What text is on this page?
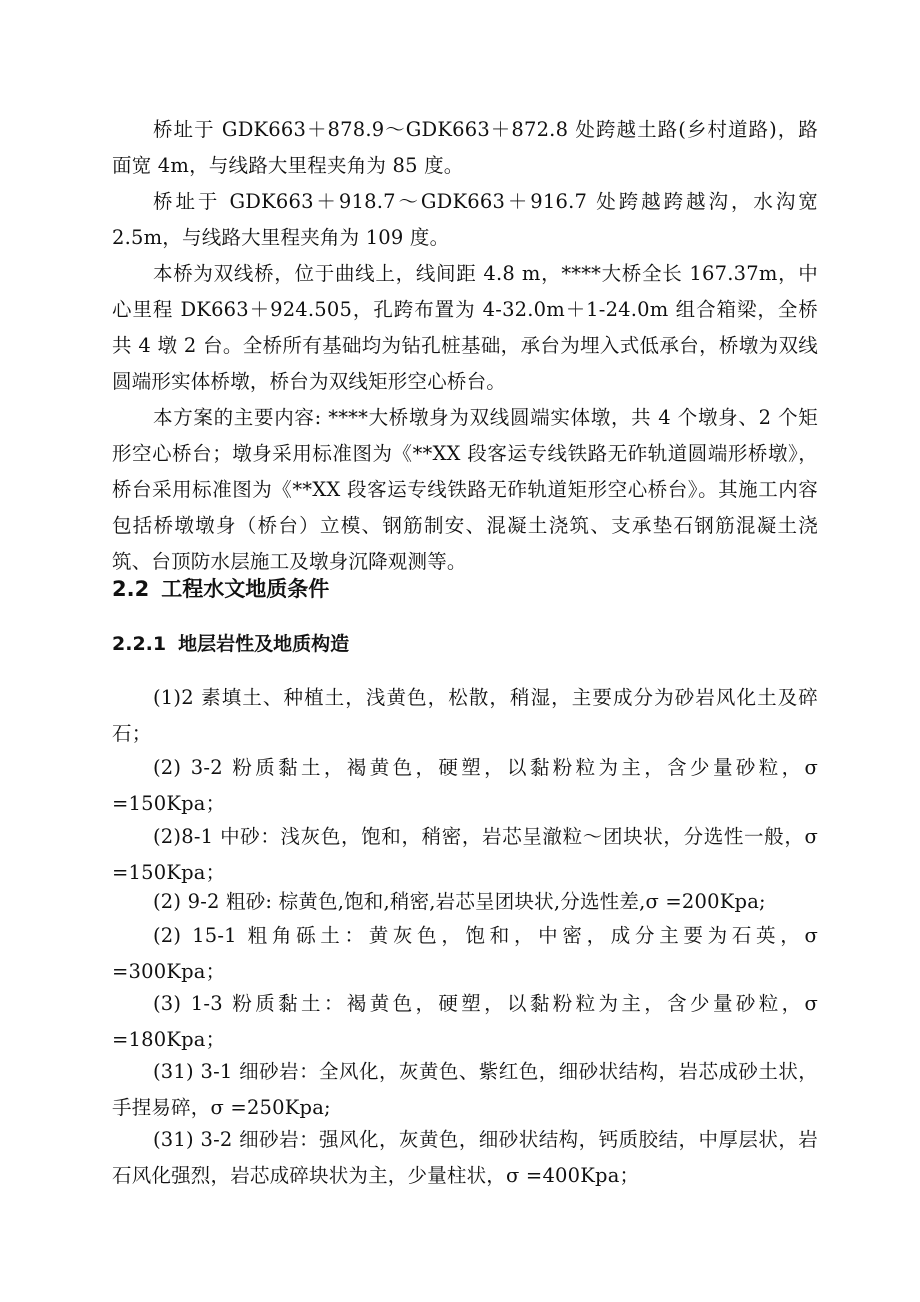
桥址于 GDK663＋878.9～GDK663＋872.8 处跨越土路(乡村道路)，路面宽 4m，与线路大里程夹角为 85 度。

桥址于 GDK663＋918.7～GDK663＋916.7 处跨越跨越沟，水沟宽 2.5m，与线路大里程夹角为 109 度。

本桥为双线桥，位于曲线上，线间距 4.8 m，****大桥全长 167.37m，中心里程 DK663＋924.505，孔跨布置为 4-32.0m＋1-24.0m 组合箱梁，全桥共 4 墩 2 台。全桥所有基础均为钻孔桩基础，承台为埋入式低承台，桥墩为双线圆端形实体桥墩，桥台为双线矩形空心桥台。

本方案的主要内容: ****大桥墩身为双线圆端实体墩，共 4 个墩身、2 个矩形空心桥台；墩身采用标准图为《**XX 段客运专线铁路无砟轨道圆端形桥墩》，桥台采用标准图为《**XX 段客运专线铁路无砟轨道矩形空心桥台》。其施工内容包括桥墩墩身（桥台）立模、钢筋制安、混凝土浇筑、支承垫石钢筋混凝土浇筑、台顶防水层施工及墩身沉降观测等。

2.2 工程水文地质条件
2.2.1 地层岩性及地质构造

(1)2 素填土、种植土，浅黄色，松散，稍湿，主要成分为砂岩风化土及碎石；

(2) 3-2 粉质黏土，褐黄色，硬塑，以黏粉粒为主，含少量砂粒，σ =150Kpa；

(2)8-1 中砂：浅灰色，饱和，稍密，岩芯呈澈粒～团块状，分选性一般，σ =150Kpa；

(2) 9-2 粗砂: 棕黄色,饱和,稍密,岩芯呈团块状,分选性差,σ =200Kpa;

(2) 15-1 粗角砾土：黄灰色，饱和，中密，成分主要为石英，σ =300Kpa；

(3) 1-3 粉质黏土：褐黄色，硬塑，以黏粉粒为主，含少量砂粒，σ =180Kpa；

(31) 3-1 细砂岩：全风化，灰黄色、紫红色，细砂状结构，岩芯成砂土状，手捏易碎，σ =250Kpa;

(31) 3-2 细砂岩：强风化，灰黄色，细砂状结构，钙质胶结，中厚层状，岩石风化强烈，岩芯成碎块状为主，少量柱状，σ =400Kpa；
